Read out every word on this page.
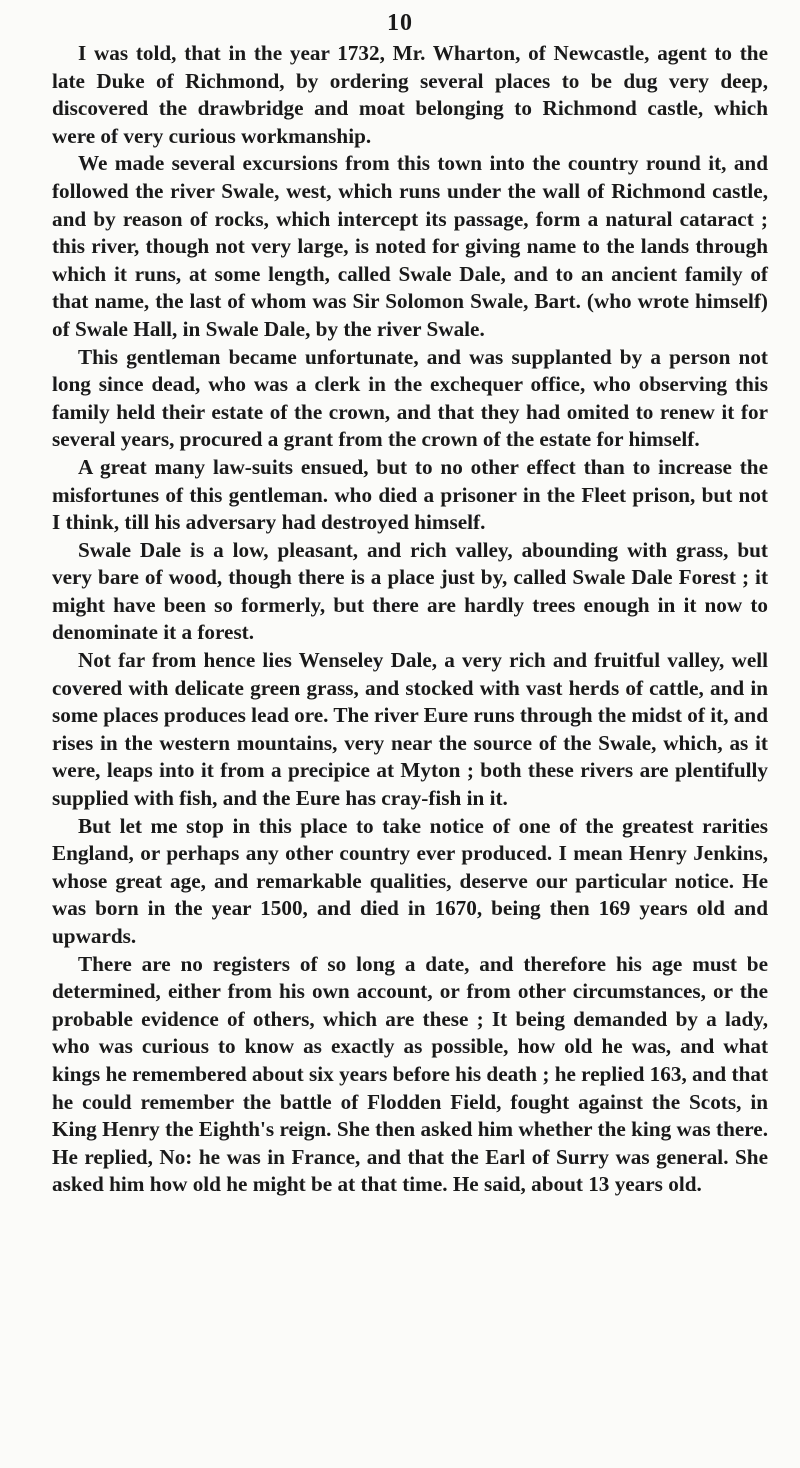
10

I was told, that in the year 1732, Mr. Wharton, of Newcastle, agent to the late Duke of Richmond, by ordering several places to be dug very deep, discovered the drawbridge and moat belonging to Richmond castle, which were of very curious workmanship.

We made several excursions from this town into the country round it, and followed the river Swale, west, which runs under the wall of Richmond castle, and by reason of rocks, which intercept its passage, form a natural cataract ; this river, though not very large, is noted for giving name to the lands through which it runs, at some length, called Swale Dale, and to an ancient family of that name, the last of whom was Sir Solomon Swale, Bart. (who wrote himself) of Swale Hall, in Swale Dale, by the river Swale.

This gentleman became unfortunate, and was supplanted by a person not long since dead, who was a clerk in the exchequer office, who observing this family held their estate of the crown, and that they had omited to renew it for several years, procured a grant from the crown of the estate for himself.

A great many law-suits ensued, but to no other effect than to increase the misfortunes of this gentleman. who died a prisoner in the Fleet prison, but not I think, till his adversary had destroyed himself.

Swale Dale is a low, pleasant, and rich valley, abounding with grass, but very bare of wood, though there is a place just by, called Swale Dale Forest ; it might have been so formerly, but there are hardly trees enough in it now to denominate it a forest.

Not far from hence lies Wenseley Dale, a very rich and fruitful valley, well covered with delicate green grass, and stocked with vast herds of cattle, and in some places produces lead ore. The river Eure runs through the midst of it, and rises in the western mountains, very near the source of the Swale, which, as it were, leaps into it from a precipice at Myton ; both these rivers are plentifully supplied with fish, and the Eure has cray-fish in it.

But let me stop in this place to take notice of one of the greatest rarities England, or perhaps any other country ever produced. I mean Henry Jenkins, whose great age, and remarkable qualities, deserve our particular notice. He was born in the year 1500, and died in 1670, being then 169 years old and upwards.

There are no registers of so long a date, and therefore his age must be determined, either from his own account, or from other circumstances, or the probable evidence of others, which are these ; It being demanded by a lady, who was curious to know as exactly as possible, how old he was, and what kings he remembered about six years before his death ; he replied 163, and that he could remember the battle of Flodden Field, fought against the Scots, in King Henry the Eighth's reign. She then asked him whether the king was there. He replied, No: he was in France, and that the Earl of Surry was general. She asked him how old he might be at that time. He said, about 13 years old.
